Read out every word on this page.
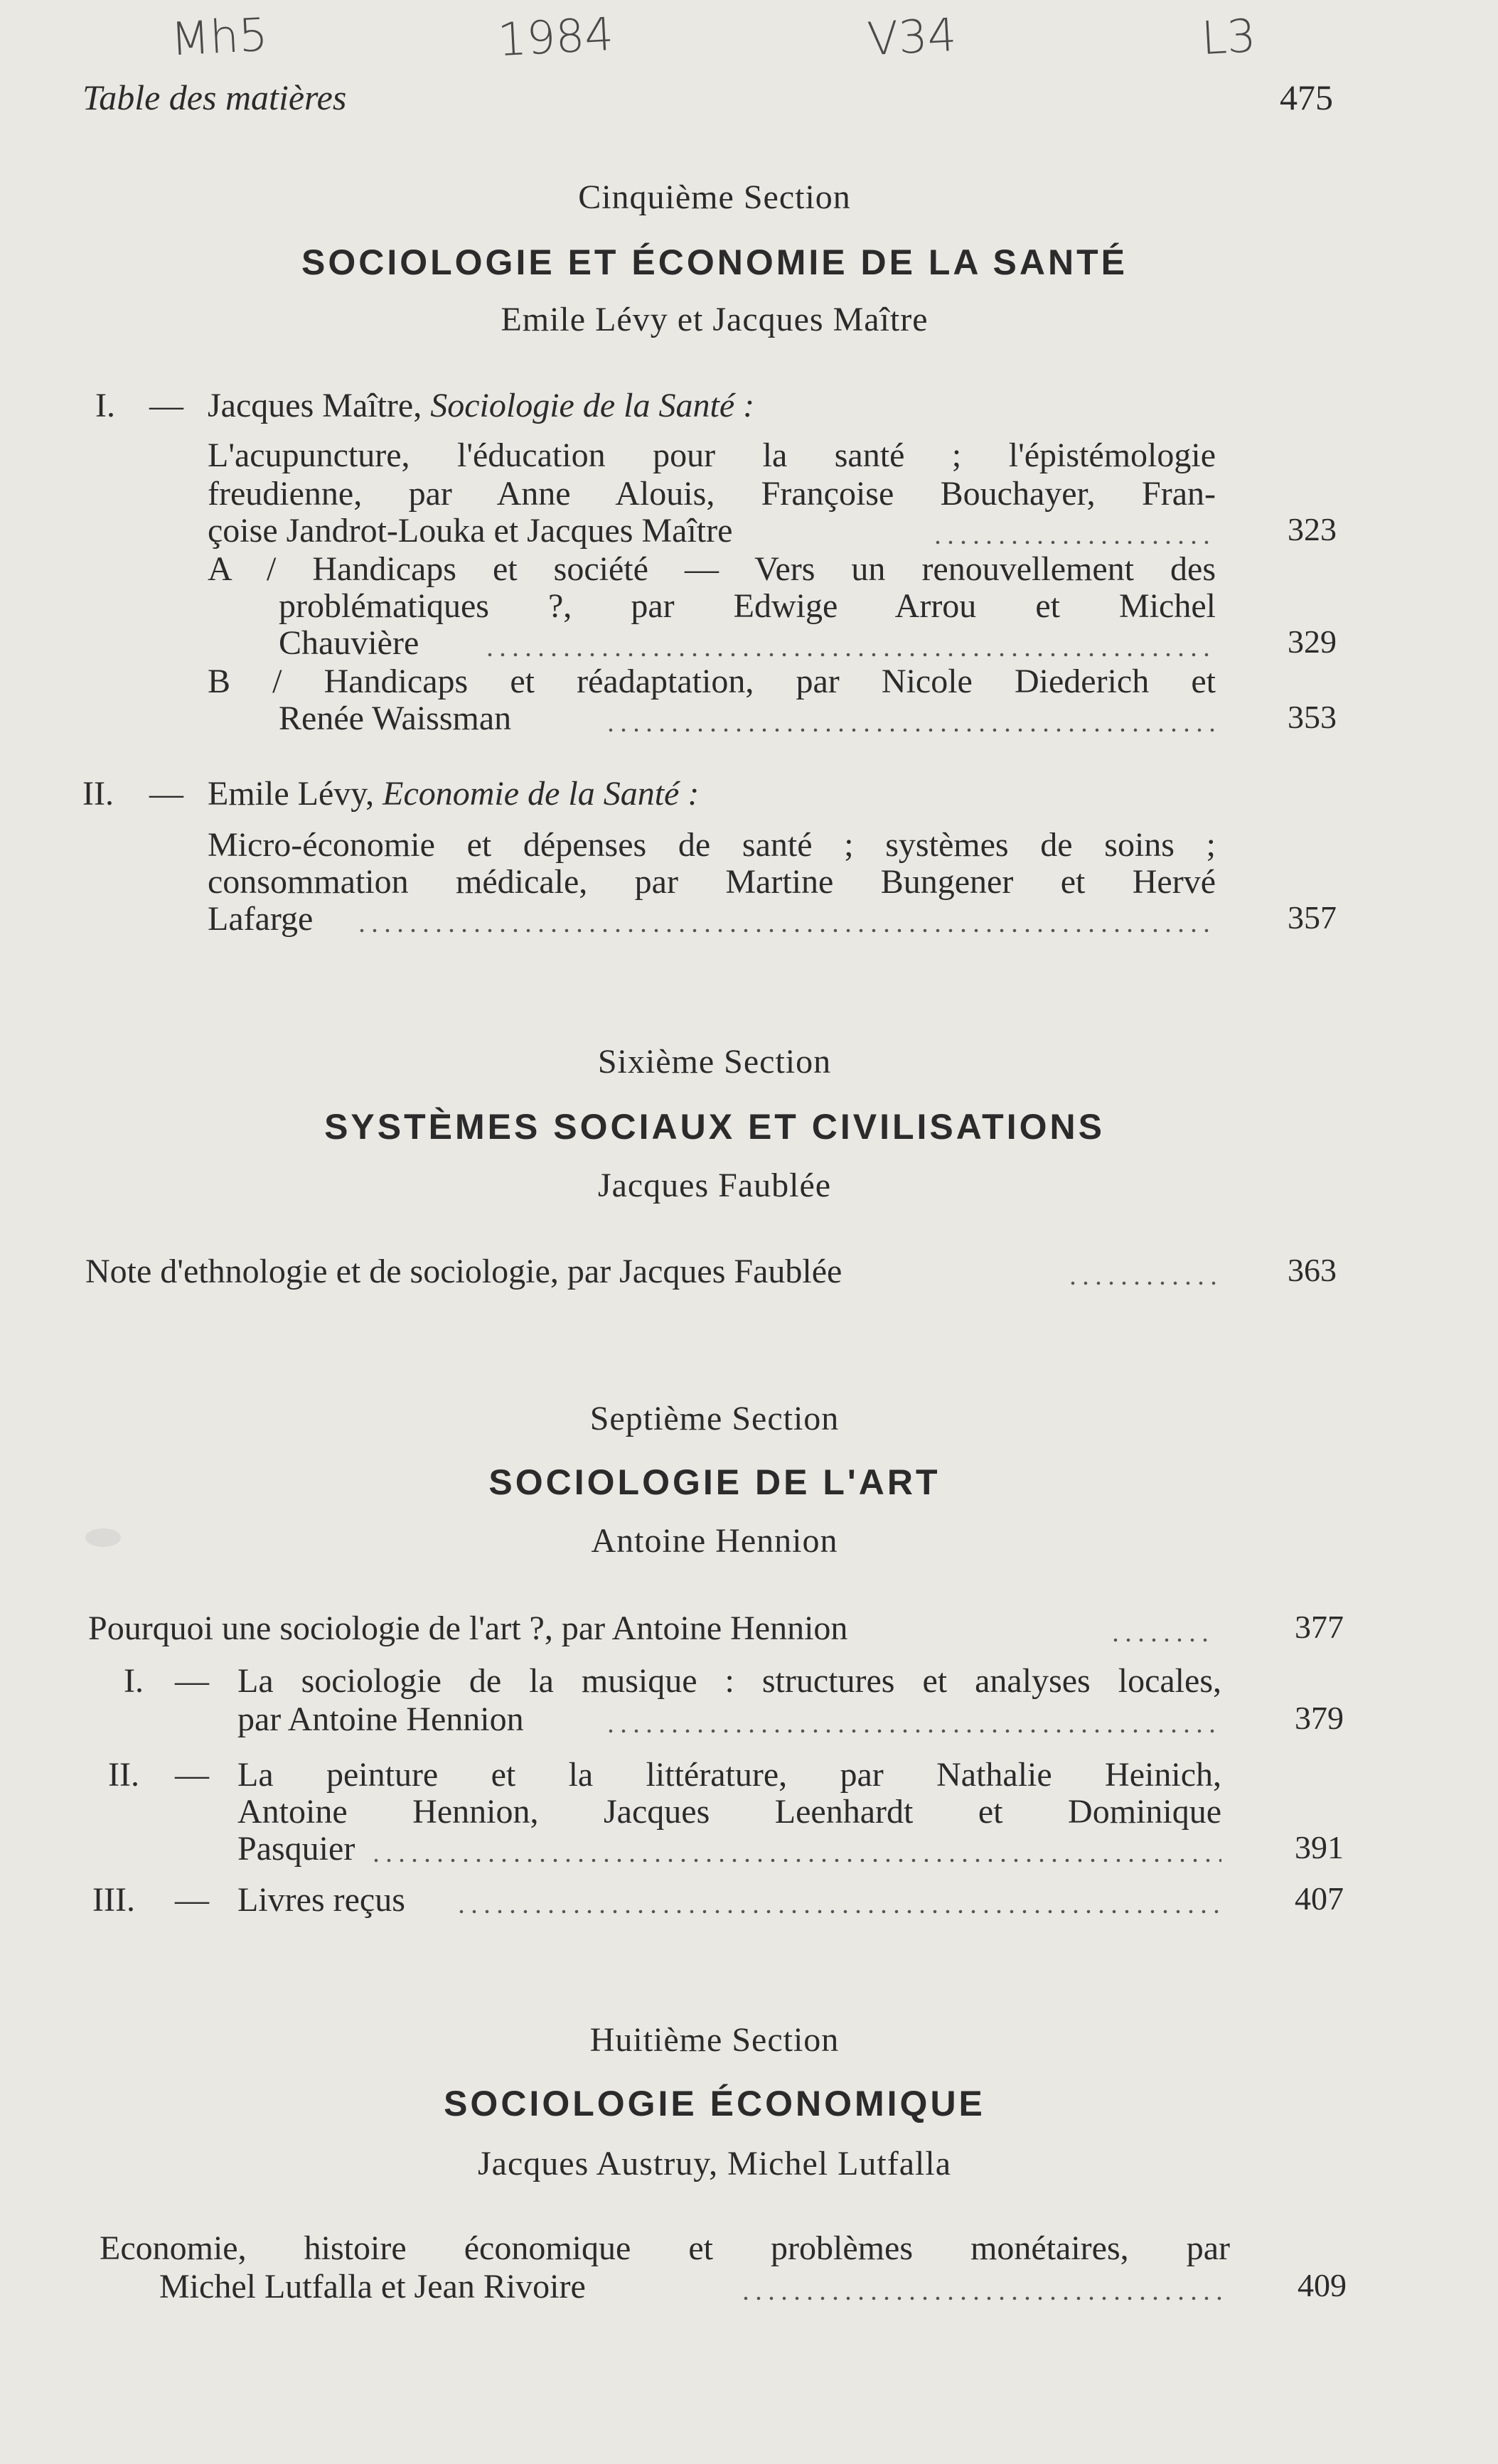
Mh5	1984	V34	L3
Table des matières	475
Cinquième Section
SOCIOLOGIE ET ÉCONOMIE DE LA SANTÉ
Emile Lévy et Jacques Maître
I. — Jacques Maître, Sociologie de la Santé :
L'acupuncture, l'éducation pour la santé ; l'épistémologie
freudienne, par Anne Alouis, Françoise Bouchayer, Fran-
çoise Jandrot-Louka et Jacques Maître	323
A / Handicaps et société — Vers un renouvellement des
problématiques ?, par Edwige Arrou et Michel
Chauvière	329
B / Handicaps et réadaptation, par Nicole Diederich et
Renée Waissman	353
II. — Emile Lévy, Economie de la Santé :
Micro-économie et dépenses de santé ; systèmes de soins ;
consommation médicale, par Martine Bungener et Hervé
Lafarge	357
Sixième Section
SYSTÈMES SOCIAUX ET CIVILISATIONS
Jacques Faublée
Note d'ethnologie et de sociologie, par Jacques Faublée	363
Septième Section
SOCIOLOGIE DE L'ART
Antoine Hennion
Pourquoi une sociologie de l'art ?, par Antoine Hennion	377
I. — La sociologie de la musique : structures et analyses locales,
par Antoine Hennion	379
II. — La peinture et la littérature, par Nathalie Heinich,
Antoine Hennion, Jacques Leenhardt et Dominique
Pasquier	391
III. — Livres reçus	407
Huitième Section
SOCIOLOGIE ÉCONOMIQUE
Jacques Austruy, Michel Lutfalla
Economie, histoire économique et problèmes monétaires, par
Michel Lutfalla et Jean Rivoire	409
